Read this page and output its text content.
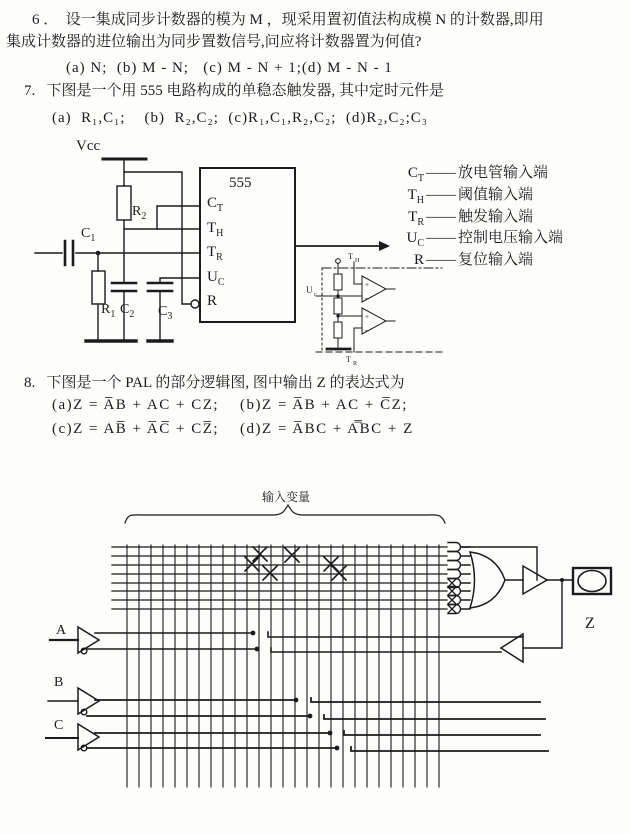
6 ．  设一集成同步计数器的模为 M ，现采用置初值法构成模 N 的计数器,即用
集成计数器的进位输出为同步置数信号,问应将计数器置为何值?
(a) N;  (b) M - N;   (c) M - N + 1;(d) M - N - 1
7.   下图是一个用 555 电路构成的单稳态触发器, 其中定时元件是
(a)  R₁,C₁;    (b)  R₂,C₂;  (c)R₁,C₁,R₂,C₂;  (d)R₂,C₂;C₃
8.   下图是一个 PAL 的部分逻辑图, 图中输出 Z 的表达式为
(a)Z = A̅B + AC + CZ;    (b)Z = A̅B + AC + C̅Z;
(c)Z = AB̅ + A̅C̅ + CZ̅;    (d)Z = A̅BC + A̿BC + Z
Vcc
555
$C_T$
$T_H$
$T_R$
$U_C$
R
$R_2$
$C_1$
$R_1$ $C_2$ $C_3$
$C_T$ —— 放电管输入端
$T_H$ —— 阈值输入端
$T_R$ —— 触发输入端
$U_C$ —— 控制电压输入端
R —— 复位输入端
+
-
+
-
U c
T H
T R
输入变量
Z
A
B
C
